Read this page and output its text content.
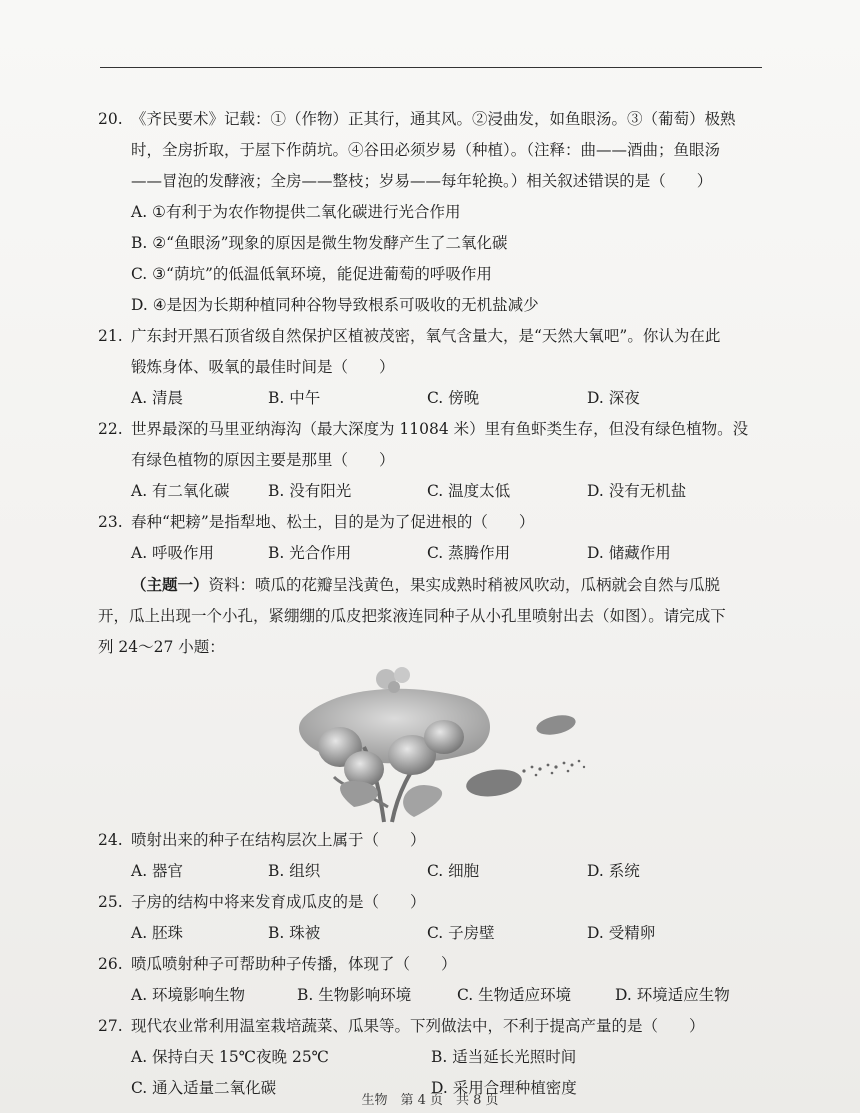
20. 《齐民要术》记载：①（作物）正其行，通其风。②浸曲发，如鱼眼汤。③（葡萄）极熟
时，全房折取，于屋下作荫坑。④谷田必须岁易（种植）。（注释：曲——酒曲；鱼眼汤
——冒泡的发酵液；全房——整枝；岁易——每年轮换。）相关叙述错误的是（　　）
A. ①有利于为农作物提供二氧化碳进行光合作用
B. ②“鱼眼汤”现象的原因是微生物发酵产生了二氧化碳
C. ③“荫坑”的低温低氧环境，能促进葡萄的呼吸作用
D. ④是因为长期种植同种谷物导致根系可吸收的无机盐减少
21. 广东封开黑石顶省级自然保护区植被茂密，氧气含量大，是“天然大氧吧”。你认为在此
锻炼身体、吸氧的最佳时间是（　　）
A. 清晨	B. 中午	C. 傍晚	D. 深夜
22. 世界最深的马里亚纳海沟（最大深度为 11084 米）里有鱼虾类生存，但没有绿色植物。没
有绿色植物的原因主要是那里（　　）
A. 有二氧化碳	B. 没有阳光	C. 温度太低	D. 没有无机盐
23. 春种“耙耪”是指犁地、松土，目的是为了促进根的（　　）
A. 呼吸作用	B. 光合作用	C. 蒸腾作用	D. 储藏作用
（主题一）资料：喷瓜的花瓣呈浅黄色，果实成熟时稍被风吹动，瓜柄就会自然与瓜脱
开，瓜上出现一个小孔，紧绷绷的瓜皮把浆液连同种子从小孔里喷射出去（如图）。请完成下
列 24～27 小题：
24. 喷射出来的种子在结构层次上属于（　　）
A. 器官	B. 组织	C. 细胞	D. 系统
25. 子房的结构中将来发育成瓜皮的是（　　）
A. 胚珠	B. 珠被	C. 子房壁	D. 受精卵
26. 喷瓜喷射种子可帮助种子传播，体现了（　　）
A. 环境影响生物	B. 生物影响环境	C. 生物适应环境	D. 环境适应生物
27. 现代农业常利用温室栽培蔬菜、瓜果等。下列做法中，不利于提高产量的是（　　）
A. 保持白天 15℃夜晚 25℃	B. 适当延长光照时间
C. 通入适量二氧化碳	D. 采用合理种植密度
生物　第 4 页　共 8 页
